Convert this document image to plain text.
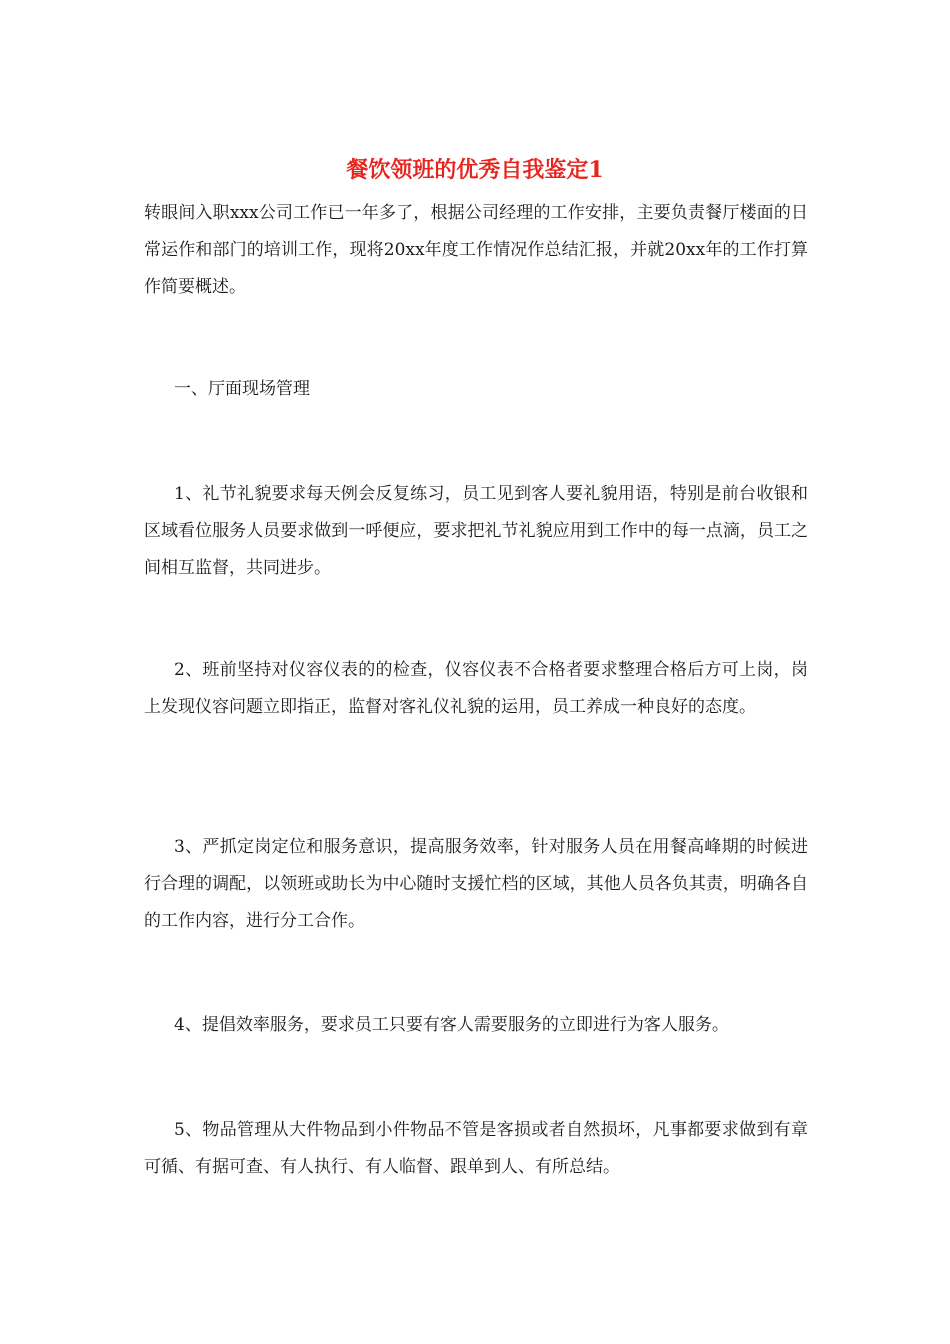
餐饮领班的优秀自我鉴定1

转眼间入职xxx公司工作已一年多了，根据公司经理的工作安排，主要负责餐厅楼面的日常运作和部门的培训工作，现将20xx年度工作情况作总结汇报，并就20xx年的工作打算作简要概述。

一、厅面现场管理

1、礼节礼貌要求每天例会反复练习，员工见到客人要礼貌用语，特别是前台收银和区域看位服务人员要求做到一呼便应，要求把礼节礼貌应用到工作中的每一点滴，员工之间相互监督，共同进步。

2、班前坚持对仪容仪表的的检查，仪容仪表不合格者要求整理合格后方可上岗，岗上发现仪容问题立即指正，监督对客礼仪礼貌的运用，员工养成一种良好的态度。

3、严抓定岗定位和服务意识，提高服务效率，针对服务人员在用餐高峰期的时候进行合理的调配，以领班或助长为中心随时支援忙档的区域，其他人员各负其责，明确各自的工作内容，进行分工合作。

4、提倡效率服务，要求员工只要有客人需要服务的立即进行为客人服务。

5、物品管理从大件物品到小件物品不管是客损或者自然损坏，凡事都要求做到有章可循、有据可查、有人执行、有人临督、跟单到人、有所总结。
